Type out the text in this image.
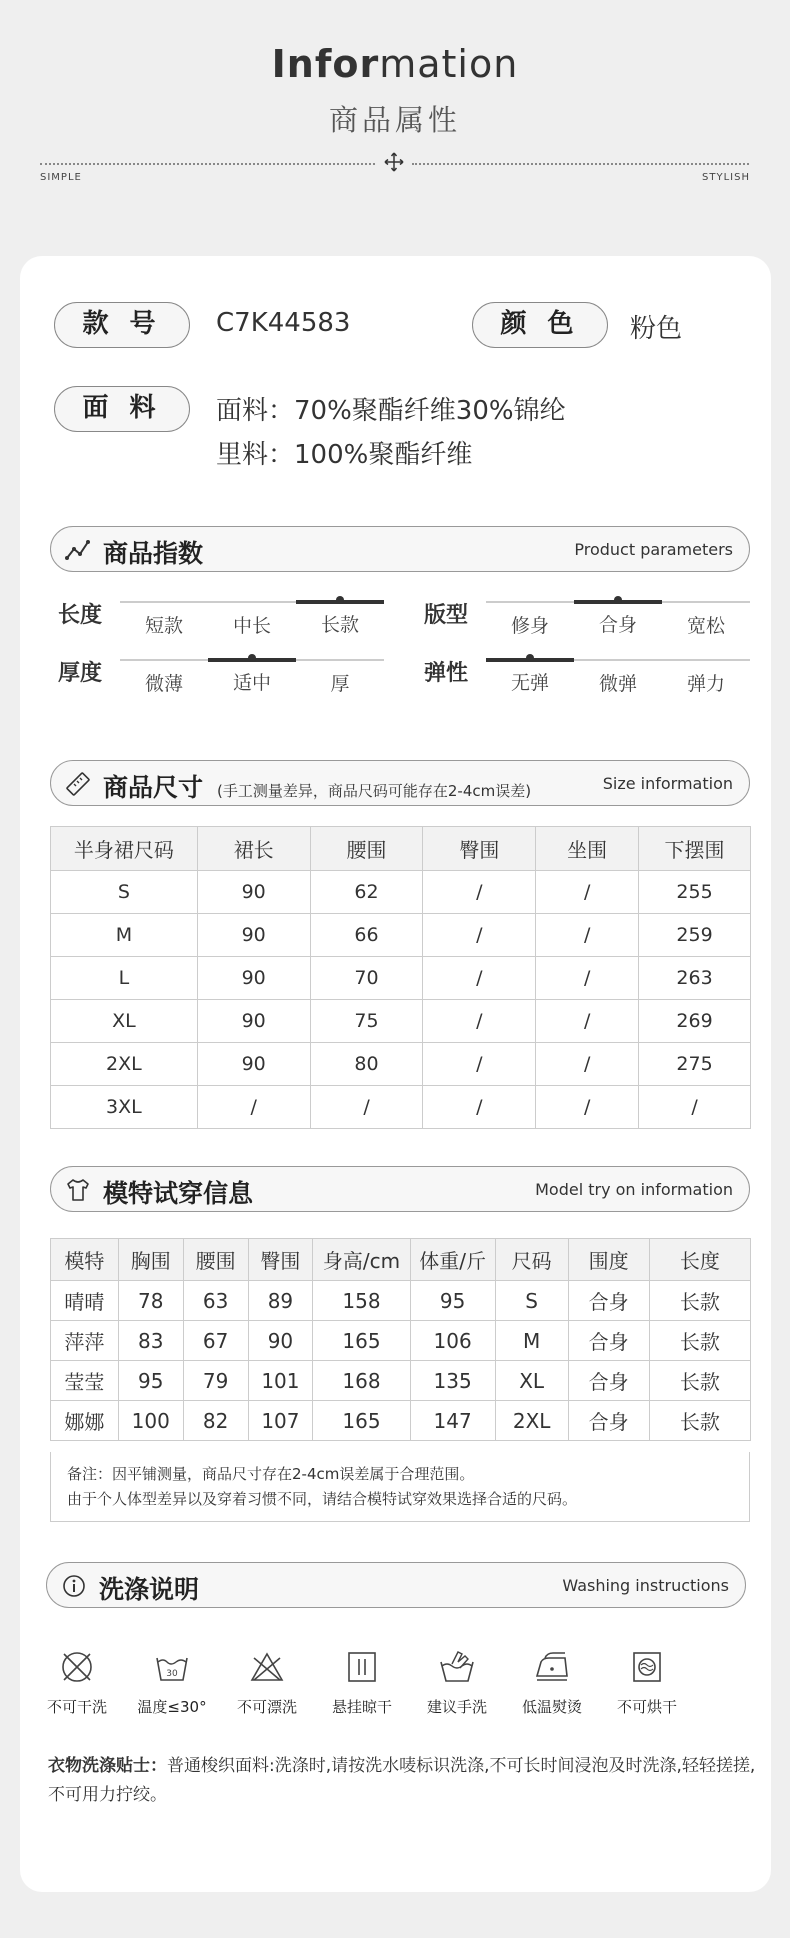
Information
商品属性
SIMPLE	STYLISH
款 号	C7K44583	颜 色	粉色
面 料	面料：70%聚酯纤维30%锦纶
里料：100%聚酯纤维
商品指数	Product parameters
长度	短款	中长	长款	版型	修身	合身	宽松
厚度	微薄	适中	厚	弹性	无弹	微弹	弹力
商品尺寸 (手工测量差异，商品尺码可能存在2-4cm误差)	Size information
半身裙尺码	裙长	腰围	臀围	坐围	下摆围
S	90	62	/	/	255
M	90	66	/	/	259
L	90	70	/	/	263
XL	90	75	/	/	269
2XL	90	80	/	/	275
3XL	/	/	/	/	/
模特试穿信息	Model try on information
模特	胸围	腰围	臀围	身高/cm	体重/斤	尺码	围度	长度
晴晴	78	63	89	158	95	S	合身	长款
萍萍	83	67	90	165	106	M	合身	长款
莹莹	95	79	101	168	135	XL	合身	长款
娜娜	100	82	107	165	147	2XL	合身	长款
备注：因平铺测量，商品尺寸存在2-4cm误差属于合理范围。
由于个人体型差异以及穿着习惯不同，请结合模特试穿效果选择合适的尺码。
洗涤说明	Washing instructions
不可干洗
30
温度≤30°	不可漂洗	悬挂晾干	建议手洗	低温熨烫	不可烘干
衣物洗涤贴士：普通梭织面料:洗涤时,请按洗水唛标识洗涤,不可长时间浸泡及时洗涤,轻轻搓搓,不可用力拧绞。
